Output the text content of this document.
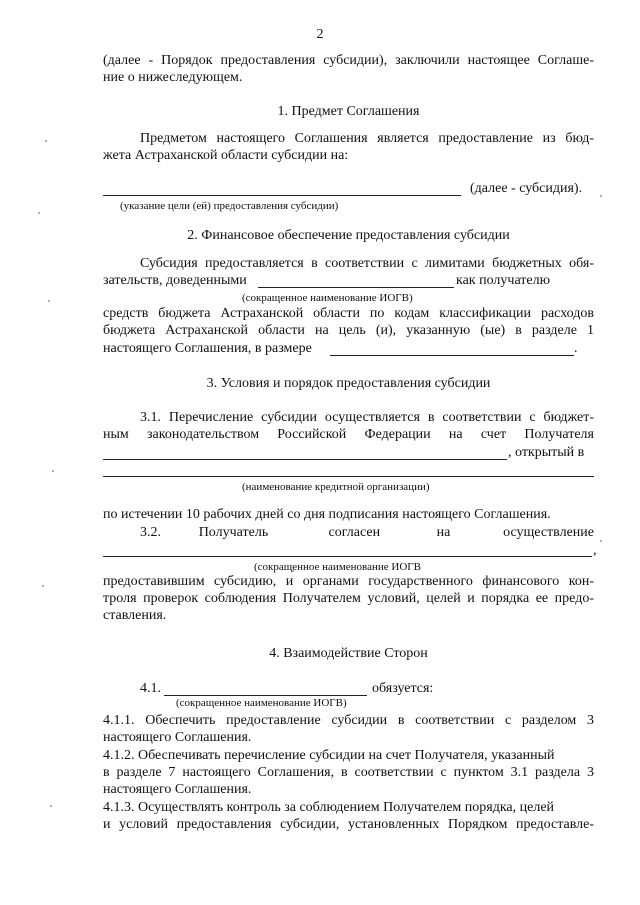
2
(далее - Порядок предоставления субсидии), заключили настоящее Соглаше-
ние о нижеследующем.
1. Предмет Соглашения
Предметом настоящего Соглашения является предоставление из бюд-
жета Астраханской области субсидии на:
(далее - субсидия).
(указание цели (ей) предоставления субсидии)
2. Финансовое обеспечение предоставления субсидии
Субсидия предоставляется в соответствии с лимитами бюджетных обя-
зательств, доведенными	как получателю
(сокращенное наименование ИОГВ)
средств бюджета Астраханской области по кодам классификации расходов
бюджета Астраханской области на цель (и), указанную (ые) в разделе 1
настоящего Соглашения, в размере	.
3. Условия и порядок предоставления субсидии
3.1. Перечисление субсидии осуществляется в соответствии с бюджет-
ным законодательством Российской Федерации на счет Получателя
, открытый в
(наименование кредитной организации)
по истечении 10 рабочих дней со дня подписания настоящего Соглашения.
3.2.          Получатель                согласен               на              осуществление
,
(сокращенное наименование ИОГВ
предоставившим субсидию, и органами государственного финансового кон-
троля проверок соблюдения Получателем условий, целей и порядка ее предо-
ставления.
4. Взаимодействие Сторон
4.1.	обязуется:
(сокращенное наименование ИОГВ)
4.1.1. Обеспечить предоставление субсидии в соответствии с разделом 3
настоящего Соглашения.
4.1.2. Обеспечивать перечисление субсидии на счет Получателя, указанный
в разделе 7 настоящего Соглашения, в соответствии с пунктом 3.1 раздела 3
настоящего Соглашения.
4.1.3. Осуществлять контроль за соблюдением Получателем порядка, целей
и условий предоставления субсидии, установленных Порядком предоставле-
